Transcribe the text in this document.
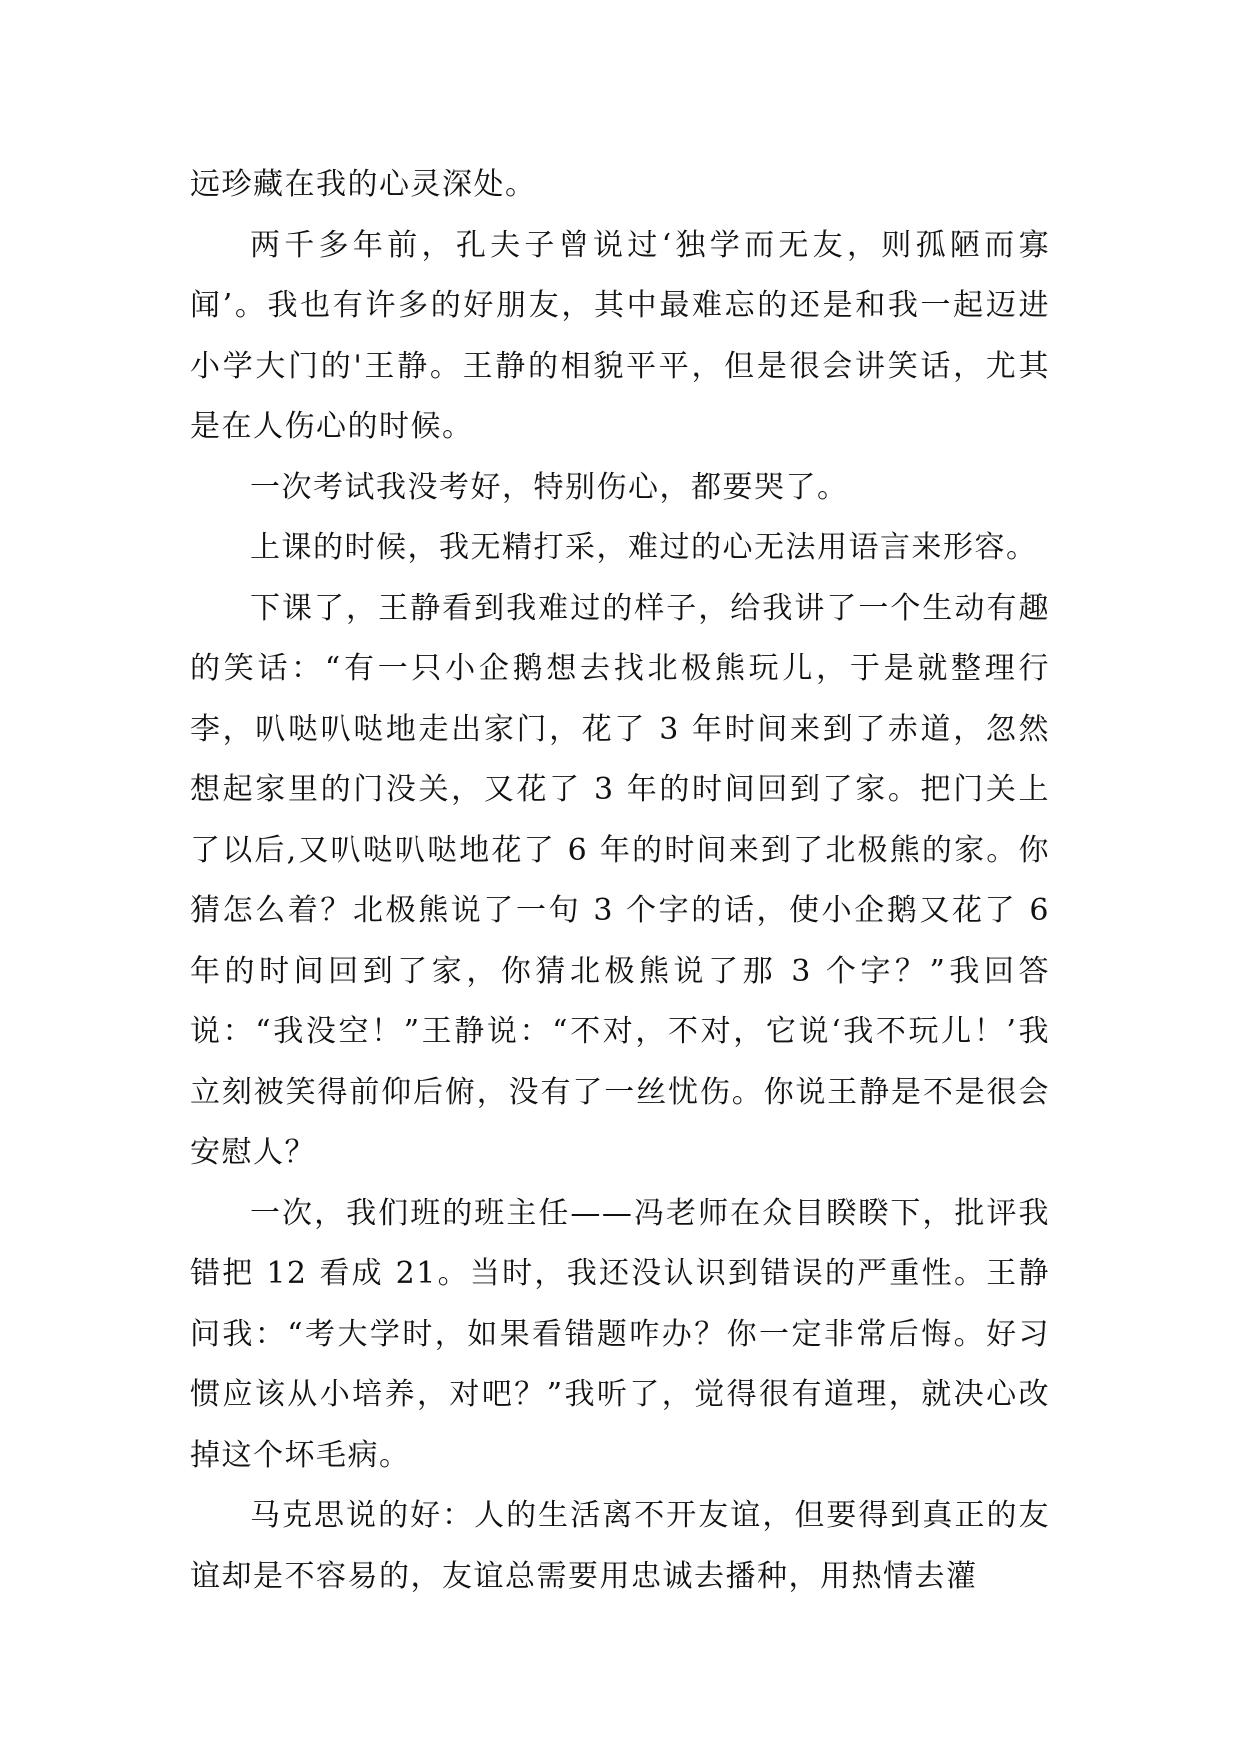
远珍藏在我的心灵深处。

两千多年前，孔夫子曾说过‘独学而无友，则孤陋而寡闻’。我也有许多的好朋友，其中最难忘的还是和我一起迈进小学大门的'王静。王静的相貌平平，但是很会讲笑话，尤其是在人伤心的时候。

一次考试我没考好，特别伤心，都要哭了。

上课的时候，我无精打采，难过的心无法用语言来形容。

下课了，王静看到我难过的样子，给我讲了一个生动有趣的笑话：“有一只小企鹅想去找北极熊玩儿，于是就整理行李，叭哒叭哒地走出家门，花了 3 年时间来到了赤道，忽然想起家里的门没关，又花了 3 年的时间回到了家。把门关上了以后,又叭哒叭哒地花了 6 年的时间来到了北极熊的家。你猜怎么着？北极熊说了一句 3 个字的话，使小企鹅又花了 6 年的时间回到了家，你猜北极熊说了那 3 个字？”我回答说：“我没空！”王静说：“不对，不对，它说‘我不玩儿！’我立刻被笑得前仰后俯，没有了一丝忧伤。你说王静是不是很会安慰人？

一次，我们班的班主任——冯老师在众目睽睽下，批评我错把 12 看成 21。当时，我还没认识到错误的严重性。王静问我：“考大学时，如果看错题咋办？你一定非常后悔。好习惯应该从小培养，对吧？”我听了，觉得很有道理，就决心改掉这个坏毛病。

马克思说的好：人的生活离不开友谊，但要得到真正的友谊却是不容易的，友谊总需要用忠诚去播种，用热情去灌
